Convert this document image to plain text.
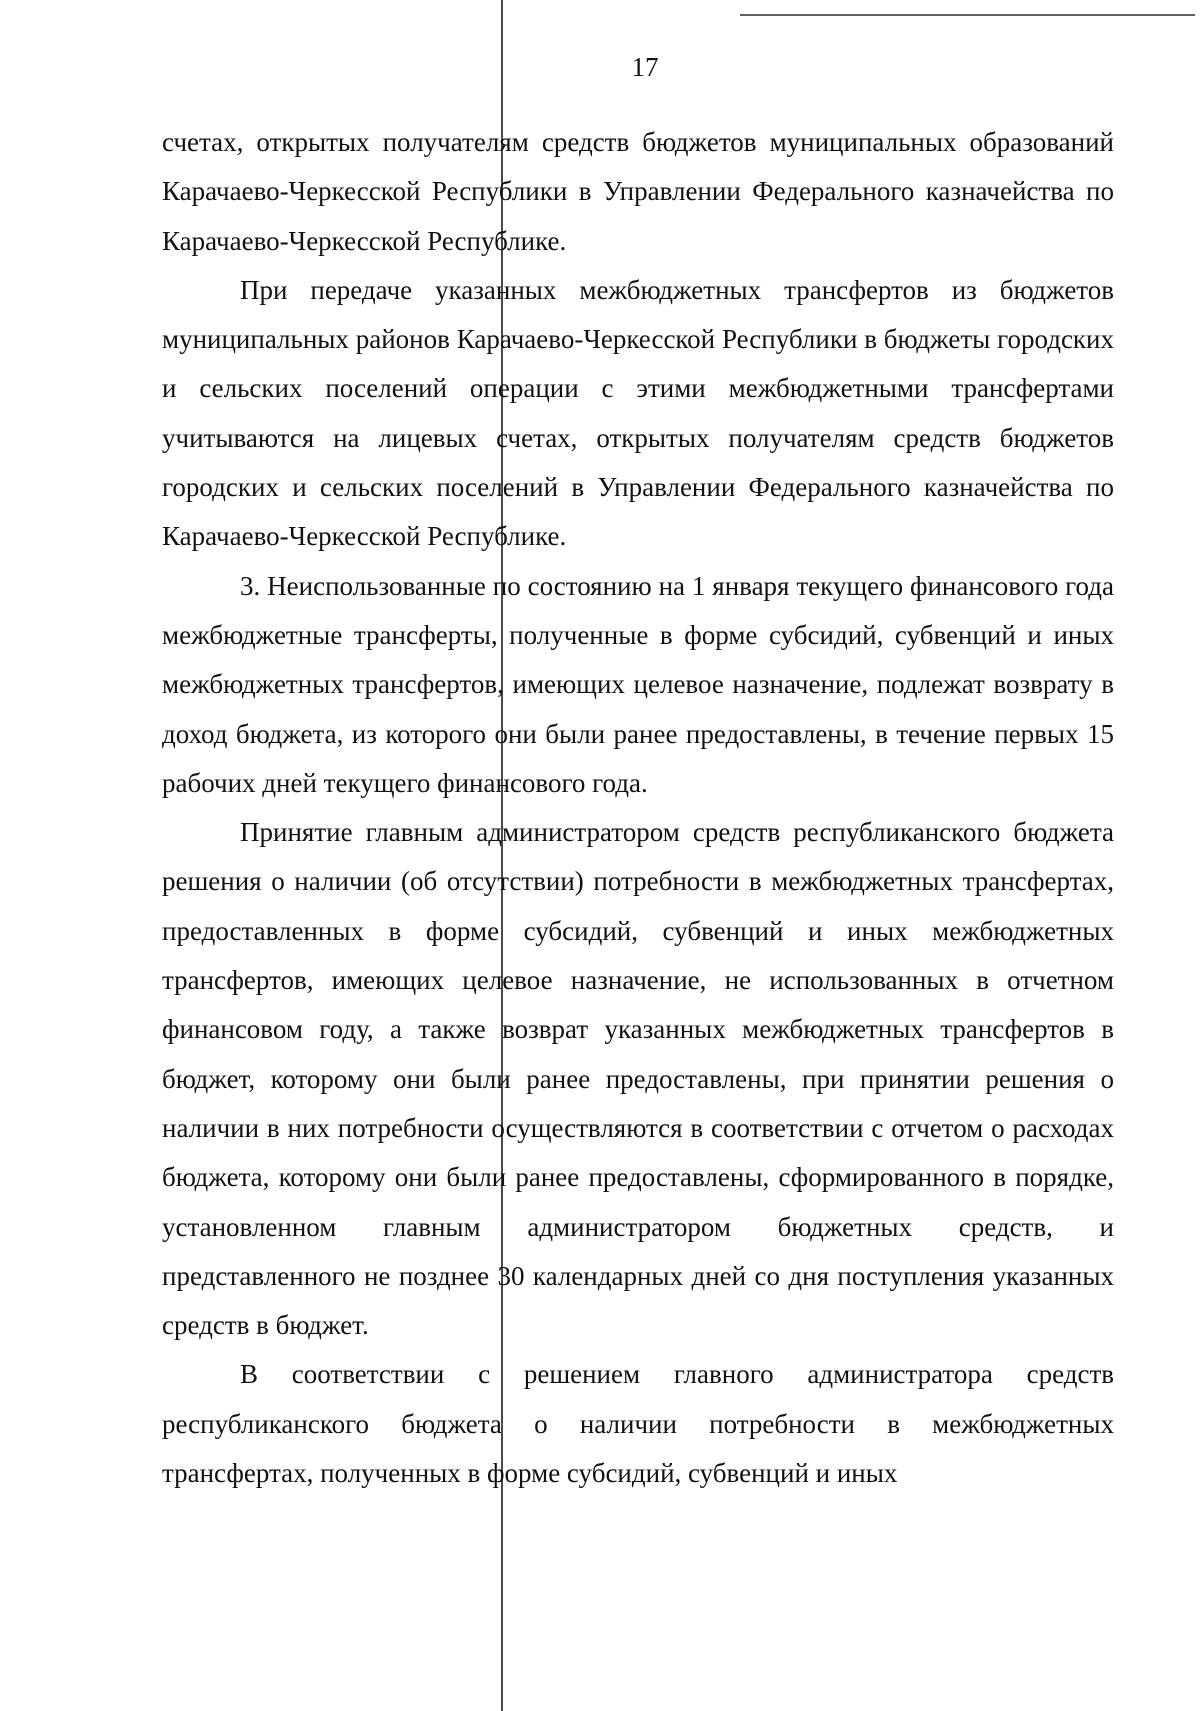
17

счетах, открытых получателям средств бюджетов муниципальных образований Карачаево-Черкесской Республики в Управлении Федерального казначейства по Карачаево-Черкесской Республике.

При передаче указанных межбюджетных трансфертов из бюджетов муниципальных районов Карачаево-Черкесской Республики в бюджеты городских и сельских поселений операции с этими межбюджетными трансфертами учитываются на лицевых счетах, открытых получателям средств бюджетов городских и сельских поселений в Управлении Федерального казначейства по Карачаево-Черкесской Республике.

3. Неиспользованные по состоянию на 1 января текущего финансового года межбюджетные трансферты, полученные в форме субсидий, субвенций и иных межбюджетных трансфертов, имеющих целевое назначение, подлежат возврату в доход бюджета, из которого они были ранее предоставлены, в течение первых 15 рабочих дней текущего финансового года.

Принятие главным администратором средств республиканского бюджета решения о наличии (об отсутствии) потребности в межбюджетных трансфертах, предоставленных в форме субсидий, субвенций и иных межбюджетных трансфертов, имеющих целевое назначение, не использованных в отчетном финансовом году, а также возврат указанных межбюджетных трансфертов в бюджет, которому они были ранее предоставлены, при принятии решения о наличии в них потребности осуществляются в соответствии с отчетом о расходах бюджета, которому они были ранее предоставлены, сформированного в порядке, установленном главным администратором бюджетных средств, и представленного не позднее 30 календарных дней со дня поступления указанных средств в бюджет.

В соответствии с решением главного администратора средств республиканского бюджета о наличии потребности в межбюджетных трансфертах, полученных в форме субсидий, субвенций и иных
